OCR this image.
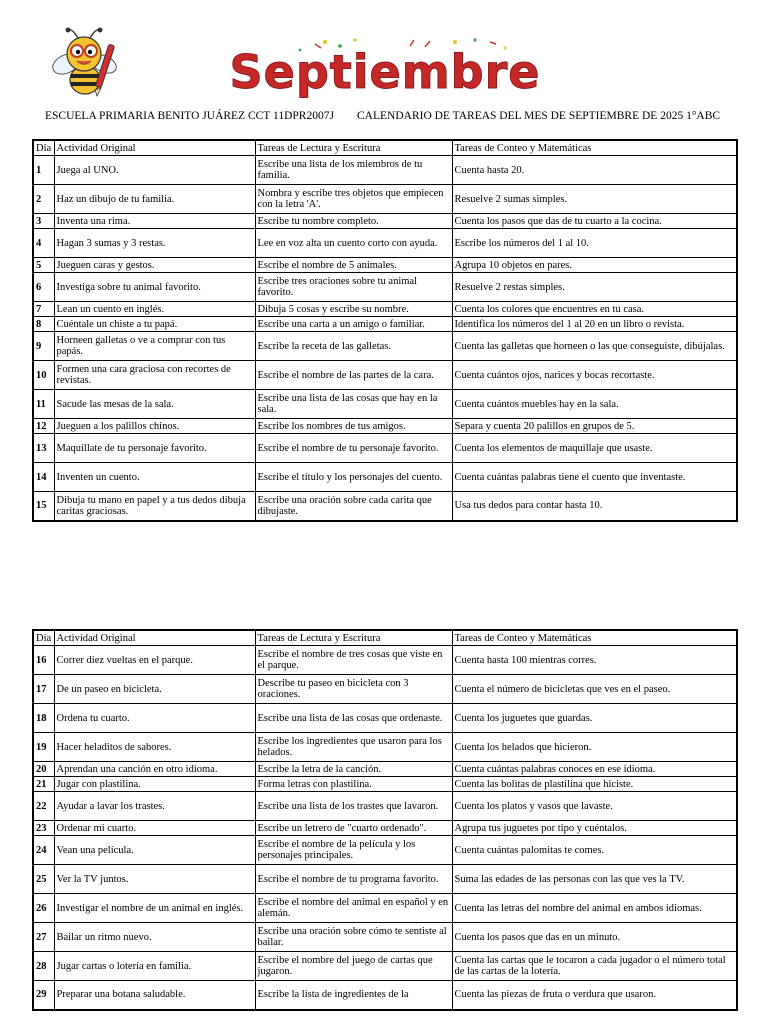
Septiembre
ESCUELA PRIMARIA BENITO JUÁREZ CCT 11DPR2007J CALENDARIO DE TAREAS DEL MES DE SEPTIEMBRE DE 2025 1°ABC
Dia	Actividad Original	Tareas de Lectura y Escritura	Tareas de Conteo y Matemáticas
1	Juega al UNO.	Escribe una lista de los miembros de tu familia.	Cuenta hasta 20.
2	Haz un dibujo de tu familia.	Nombra y escribe tres objetos que empiecen con la letra 'A'.	Resuelve 2 sumas simples.
3	Inventa una rima.	Escribe tu nombre completo.	Cuenta los pasos que das de tu cuarto a la cocina.
4	Hagan 3 sumas y 3 restas.	Lee en voz alta un cuento corto con ayuda.	Escribe los números del 1 al 10.
5	Jueguen caras y gestos.	Escribe el nombre de 5 animales.	Agrupa 10 objetos en pares.
6	Investiga sobre tu animal favorito.	Escribe tres oraciones sobre tu animal favorito.	Resuelve 2 restas simples.
7	Lean un cuento en inglés.	Dibuja 5 cosas y escribe su nombre.	Cuenta los colores que encuentres en tu casa.
8	Cuéntale un chiste a tu papá.	Escribe una carta a un amigo o familiar.	Identifica los números del 1 al 20 en un libro o revista.
9	Horneen galletas o ve a comprar con tus papás.	Escribe la receta de las galletas.	Cuenta las galletas que horneen o las que conseguiste, dibújalas.
10	Formen una cara graciosa con recortes de revistas.	Escribe el nombre de las partes de la cara.	Cuenta cuántos ojos, narices y bocas recortaste.
11	Sacude las mesas de la sala.	Escribe una lista de las cosas que hay en la sala.	Cuenta cuántos muebles hay en la sala.
12	Jueguen a los palillos chinos.	Escribe los nombres de tus amigos.	Separa y cuenta 20 palillos en grupos de 5.
13	Maquíllate de tu personaje favorito.	Escribe el nombre de tu personaje favorito.	Cuenta los elementos de maquillaje que usaste.
14	Inventen un cuento.	Escribe el título y los personajes del cuento.	Cuenta cuántas palabras tiene el cuento que inventaste.
15	Dibuja tu mano en papel y a tus dedos dibuja caritas graciosas.	Escribe una oración sobre cada carita que dibujaste.	Usa tus dedos para contar hasta 10.
Dia	Actividad Original	Tareas de Lectura y Escritura	Tareas de Conteo y Matemáticas
16	Correr diez vueltas en el parque.	Escribe el nombre de tres cosas que viste en el parque.	Cuenta hasta 100 mientras corres.
17	De un paseo en bicicleta.	Describe tu paseo en bicicleta con 3 oraciones.	Cuenta el número de bicicletas que ves en el paseo.
18	Ordena tu cuarto.	Escribe una lista de las cosas que ordenaste.	Cuenta los juguetes que guardas.
19	Hacer heladitos de sabores.	Escribe los ingredientes que usaron para los helados.	Cuenta los helados que hicieron.
20	Aprendan una canción en otro idioma.	Escribe la letra de la canción.	Cuenta cuántas palabras conoces en ese idioma.
21	Jugar con plastilina.	Forma letras con plastilina.	Cuenta las bolitas de plastilina que hiciste.
22	Ayudar a lavar los trastes.	Escribe una lista de los trastes que lavaron.	Cuenta los platos y vasos que lavaste.
23	Ordenar mi cuarto.	Escribe un letrero de "cuarto ordenado".	Agrupa tus juguetes por tipo y cuéntalos.
24	Vean una película.	Escribe el nombre de la película y los personajes principales.	Cuenta cuántas palomitas te comes.
25	Ver la TV juntos.	Escribe el nombre de tu programa favorito.	Suma las edades de las personas con las que ves la TV.
26	Investigar el nombre de un animal en inglés.	Escribe el nombre del animal en español y en alemán.	Cuenta las letras del nombre del animal en ambos idiomas.
27	Bailar un ritmo nuevo.	Escribe una oración sobre cómo te sentiste al bailar.	Cuenta los pasos que das en un minuto.
28	Jugar cartas o lotería en familia.	Escribe el nombre del juego de cartas que jugaron.	Cuenta las cartas que le tocaron a cada jugador o el número total de las cartas de la lotería.
29	Preparar una botana saludable.	Escribe la lista de ingredientes de la	Cuenta las piezas de fruta o verdura que usaron.
